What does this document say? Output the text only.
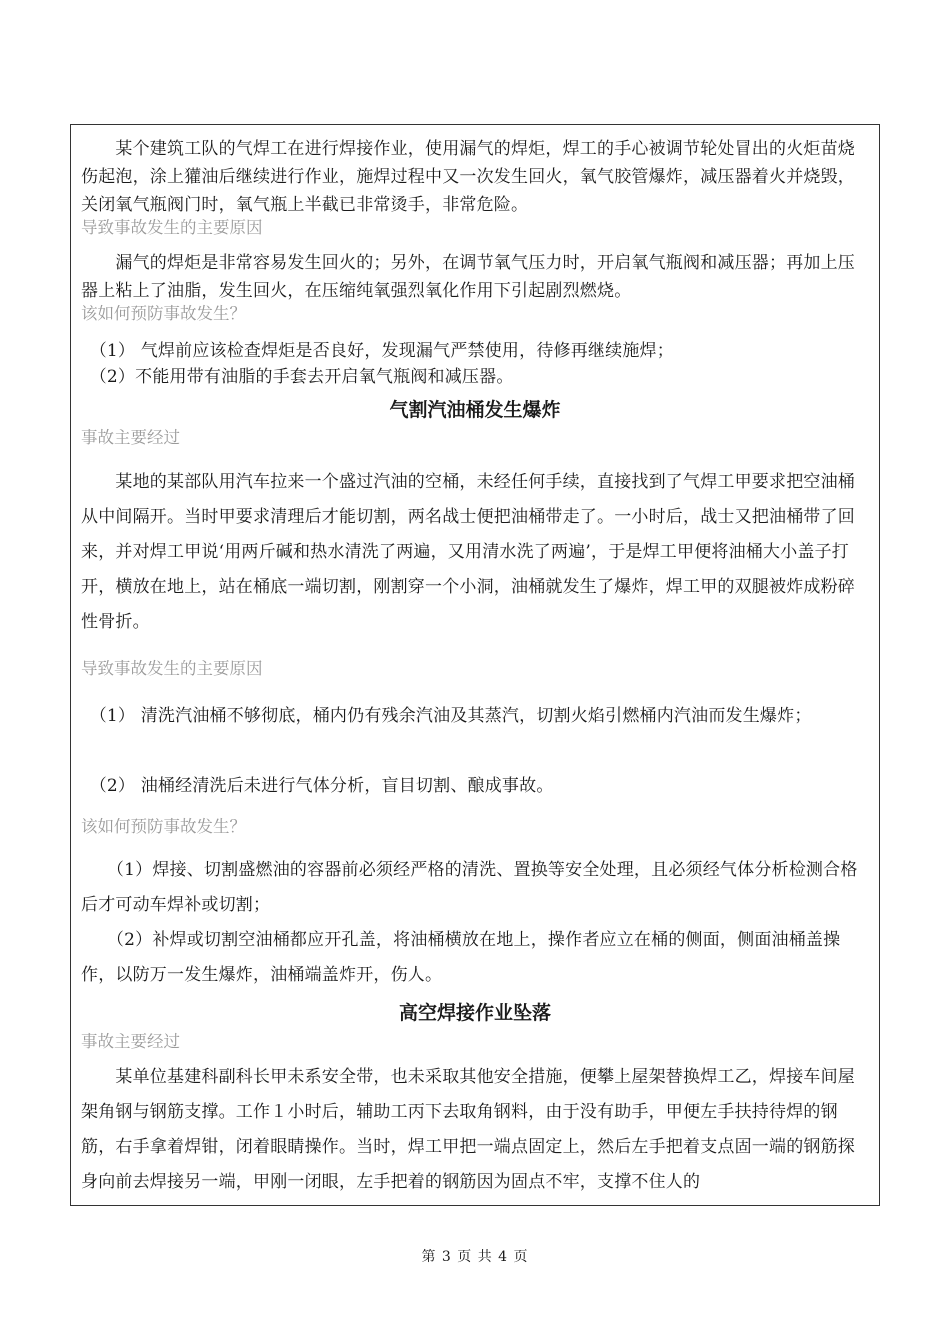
　　某个建筑工队的气焊工在进行焊接作业，使用漏气的焊炬，焊工的手心被调节轮处冒出的火炬苗烧伤起泡，涂上獾油后继续进行作业，施焊过程中又一次发生回火，氧气胶管爆炸，减压器着火并烧毁，关闭氧气瓶阀门时，氧气瓶上半截已非常烫手，非常危险。

导致事故发生的主要原因

　　漏气的焊炬是非常容易发生回火的；另外，在调节氧气压力时，开启氧气瓶阀和减压器；再加上压器上粘上了油脂，发生回火，在压缩纯氧强烈氧化作用下引起剧烈燃烧。

该如何预防事故发生？

　（1） 气焊前应该检查焊炬是否良好，发现漏气严禁使用，待修再继续施焊；

　（2）不能用带有油脂的手套去开启氧气瓶阀和减压器。

气割汽油桶发生爆炸

事故主要经过

　　某地的某部队用汽车拉来一个盛过汽油的空桶，未经任何手续，直接找到了气焊工甲要求把空油桶从中间隔开。当时甲要求清理后才能切割，两名战士便把油桶带走了。一小时后，战士又把油桶带了回来，并对焊工甲说‘用两斤碱和热水清洗了两遍，又用清水洗了两遍’，于是焊工甲便将油桶大小盖子打开，横放在地上，站在桶底一端切割，刚割穿一个小洞，油桶就发生了爆炸，焊工甲的双腿被炸成粉碎性骨折。

导致事故发生的主要原因

　（1） 清洗汽油桶不够彻底，桶内仍有残余汽油及其蒸汽，切割火焰引燃桶内汽油而发生爆炸；

　（2） 油桶经清洗后未进行气体分析，盲目切割、酿成事故。

该如何预防事故发生？

　　（1）焊接、切割盛燃油的容器前必须经严格的清洗、置换等安全处理，且必须经气体分析检测合格后才可动车焊补或切割；

　　（2）补焊或切割空油桶都应开孔盖，将油桶横放在地上，操作者应立在桶的侧面，侧面油桶盖操作，以防万一发生爆炸，油桶端盖炸开，伤人。

高空焊接作业坠落

事故主要经过

　　某单位基建科副科长甲未系安全带，也未采取其他安全措施，便攀上屋架替换焊工乙，焊接车间屋架角钢与钢筋支撑。工作１小时后，辅助工丙下去取角钢料，由于没有助手，甲便左手扶持待焊的钢筋，右手拿着焊钳，闭着眼睛操作。当时，焊工甲把一端点固定上，然后左手把着支点固一端的钢筋探身向前去焊接另一端，甲刚一闭眼，左手把着的钢筋因为固点不牢，支撑不住人的

第 3 页 共 4 页
